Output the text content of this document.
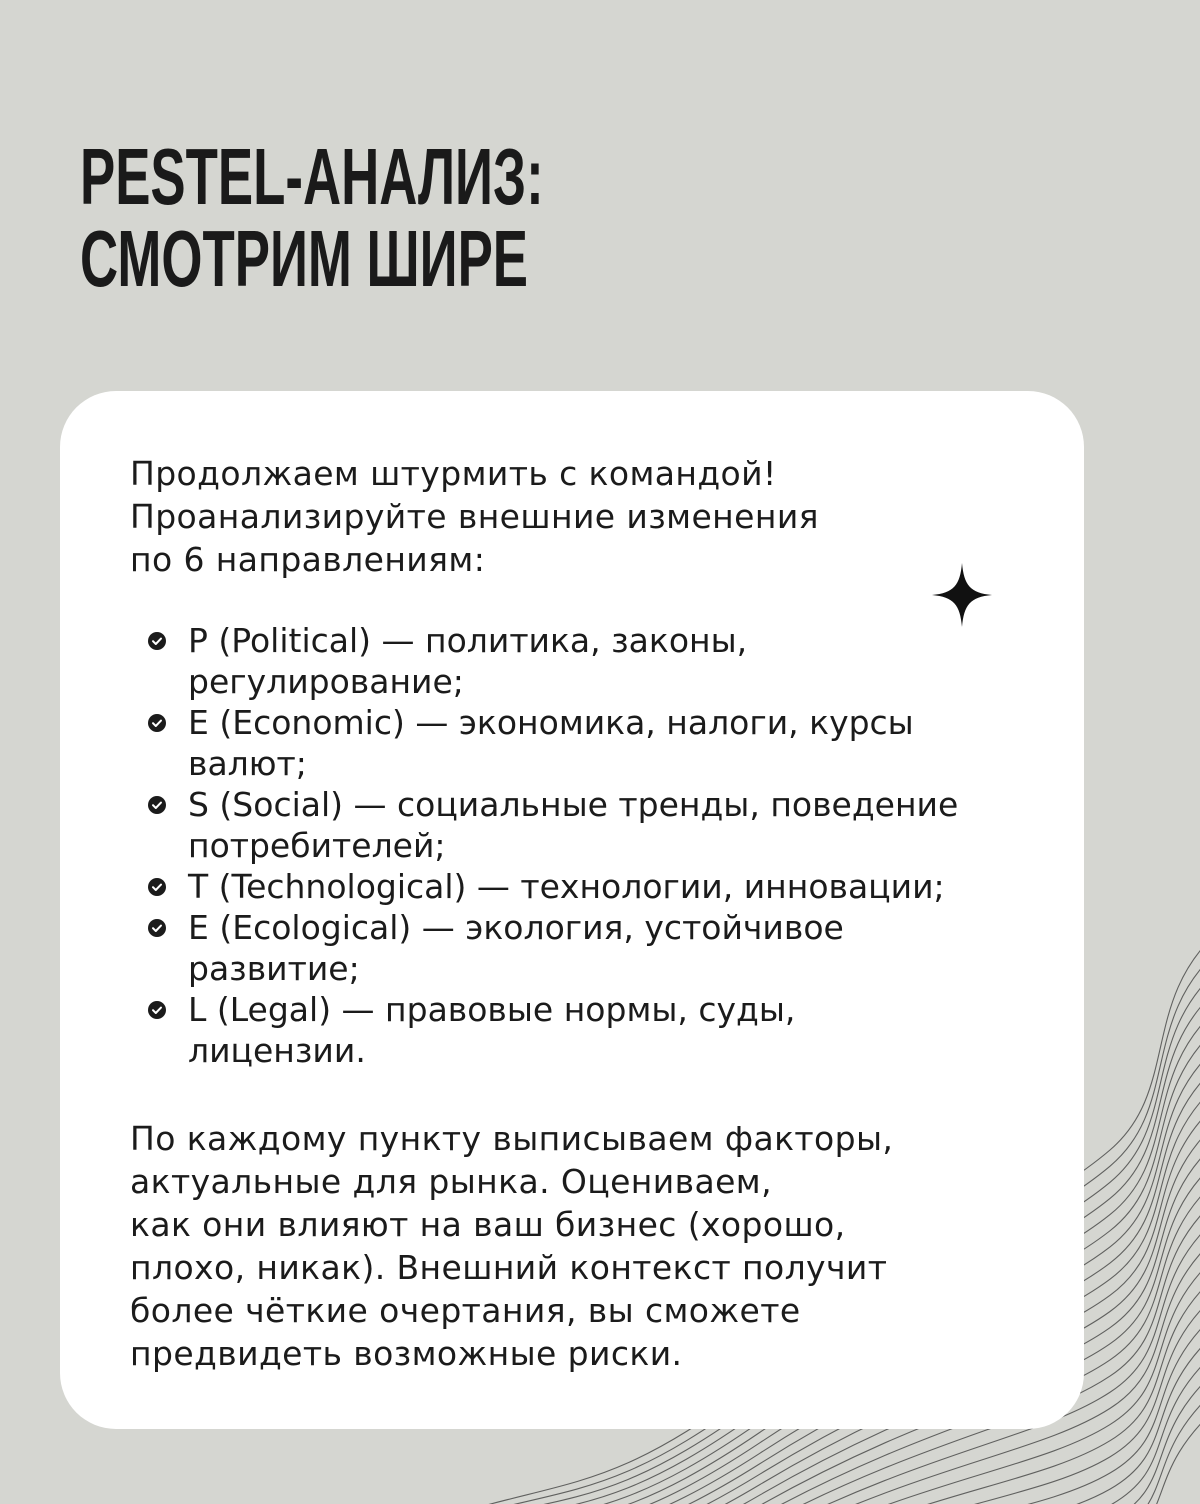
PESTEL-АНАЛИЗ:
СМОТРИМ ШИРЕ

Продолжаем штурмить с командой!
Проанализируйте внешние изменения
по 6 направлениям:

P (Political) — политика, законы,
регулирование;
E (Economic) — экономика, налоги, курсы
валют;
S (Social) — социальные тренды, поведение
потребителей;
T (Technological) — технологии, инновации;
E (Ecological) — экология, устойчивое
развитие;
L (Legal) — правовые нормы, суды,
лицензии.

По каждому пункту выписываем факторы,
актуальные для рынка. Оцениваем,
как они влияют на ваш бизнес (хорошо,
плохо, никак). Внешний контекст получит
более чёткие очертания, вы сможете
предвидеть возможные риски.
